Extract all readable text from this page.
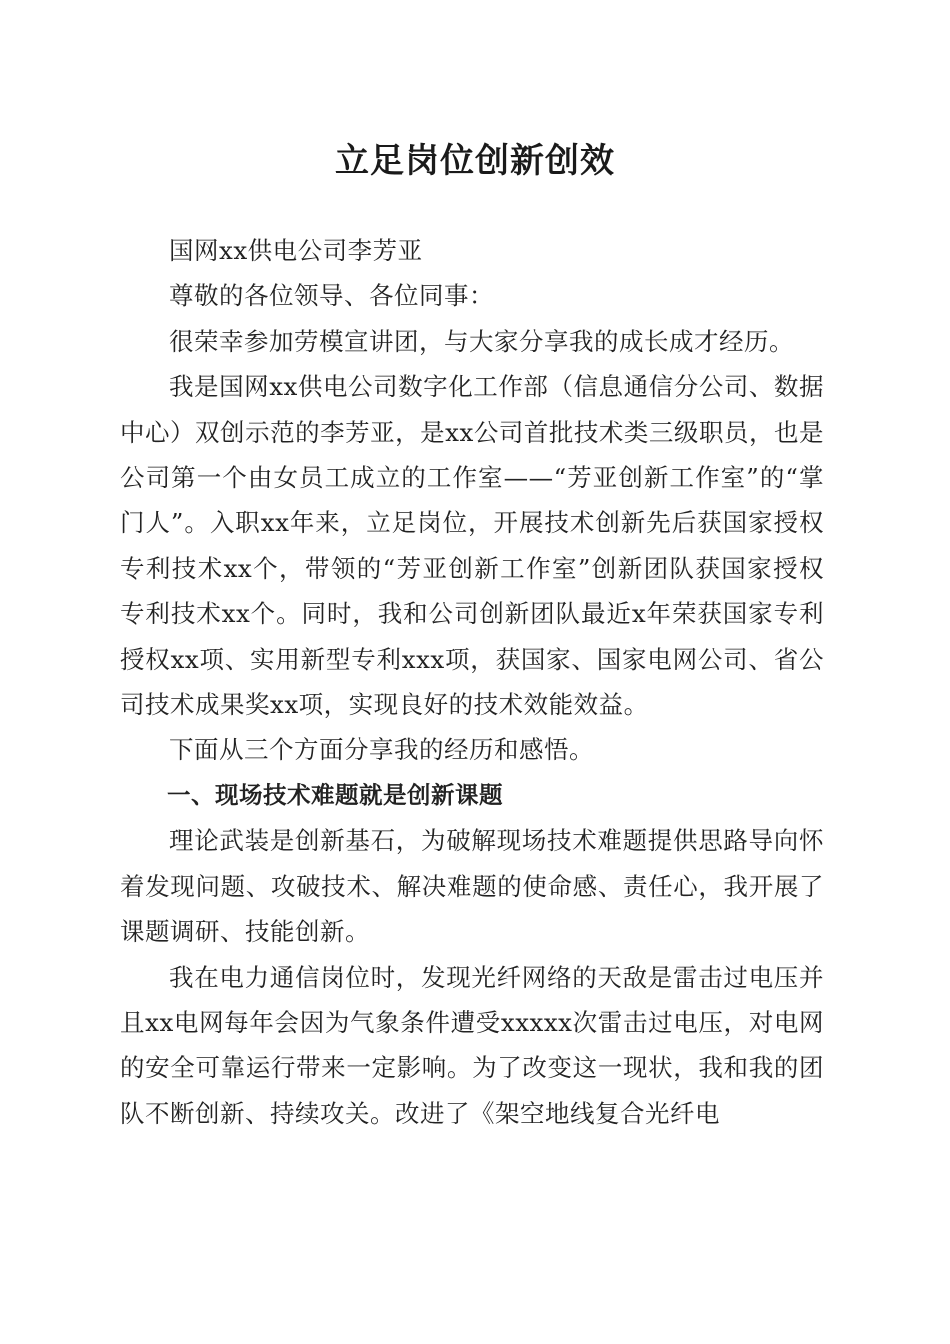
立足岗位创新创效

国网xx供电公司李芳亚

尊敬的各位领导、各位同事：

很荣幸参加劳模宣讲团，与大家分享我的成长成才经历。

我是国网xx供电公司数字化工作部（信息通信分公司、数据中心）双创示范的李芳亚，是xx公司首批技术类三级职员，也是公司第一个由女员工成立的工作室——“芳亚创新工作室”的“掌门人”。入职xx年来，立足岗位，开展技术创新先后获国家授权专利技术xx个，带领的“芳亚创新工作室”创新团队获国家授权专利技术xx个。同时，我和公司创新团队最近x年荣获国家专利授权xx项、实用新型专利xxx项，获国家、国家电网公司、省公司技术成果奖xx项，实现良好的技术效能效益。

下面从三个方面分享我的经历和感悟。

一、现场技术难题就是创新课题

理论武装是创新基石，为破解现场技术难题提供思路导向怀着发现问题、攻破技术、解决难题的使命感、责任心，我开展了课题调研、技能创新。

我在电力通信岗位时，发现光纤网络的天敌是雷击过电压并且xx电网每年会因为气象条件遭受xxxxx次雷击过电压，对电网的安全可靠运行带来一定影响。为了改变这一现状，我和我的团队不断创新、持续攻关。改进了《架空地线复合光纤电
